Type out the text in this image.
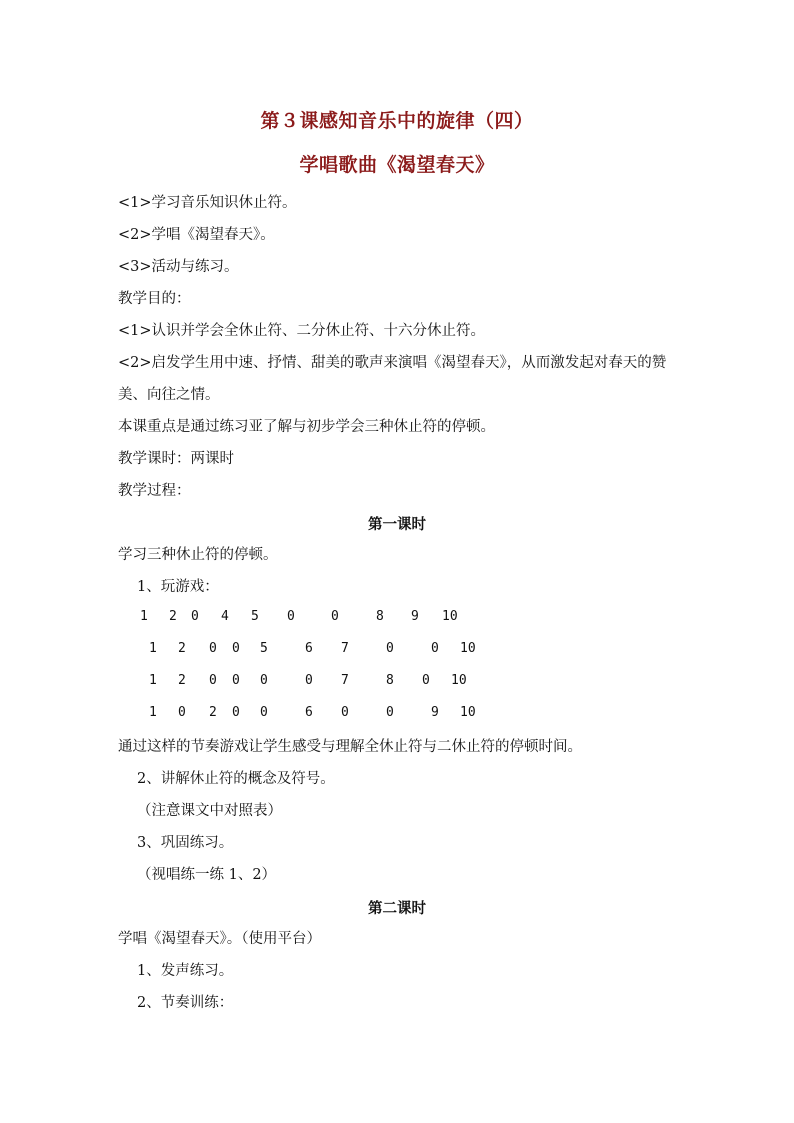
第３课感知音乐中的旋律（四）
学唱歌曲《渴望春天》
<1>学习音乐知识休止符。
<2>学唱《渴望春天》。
<3>活动与练习。
教学目的：
<1>认识并学会全休止符、二分休止符、十六分休止符。
<2>启发学生用中速、抒情、甜美的歌声来演唱《渴望春天》，从而激发起对春天的赞
美、向往之情。
本课重点是通过练习亚了解与初步学会三种休止符的停顿。
教学课时：两课时
教学过程：
第一课时
学习三种休止符的停顿。
1、玩游戏：
1 2 0 4 5 0	0	8 9 10
1 2 0 0 5	6 7	0	0 10
1 2 0 0 0	0 7	8 0 10
1 0 2 0 0	6 0	0	9 10
通过这样的节奏游戏让学生感受与理解全休止符与二休止符的停顿时间。
2、讲解休止符的概念及符号。
（注意课文中对照表）
3、巩固练习。
（视唱练一练 1、2）
第二课时
学唱《渴望春天》。（使用平台）
1、发声练习。
2、节奏训练：
